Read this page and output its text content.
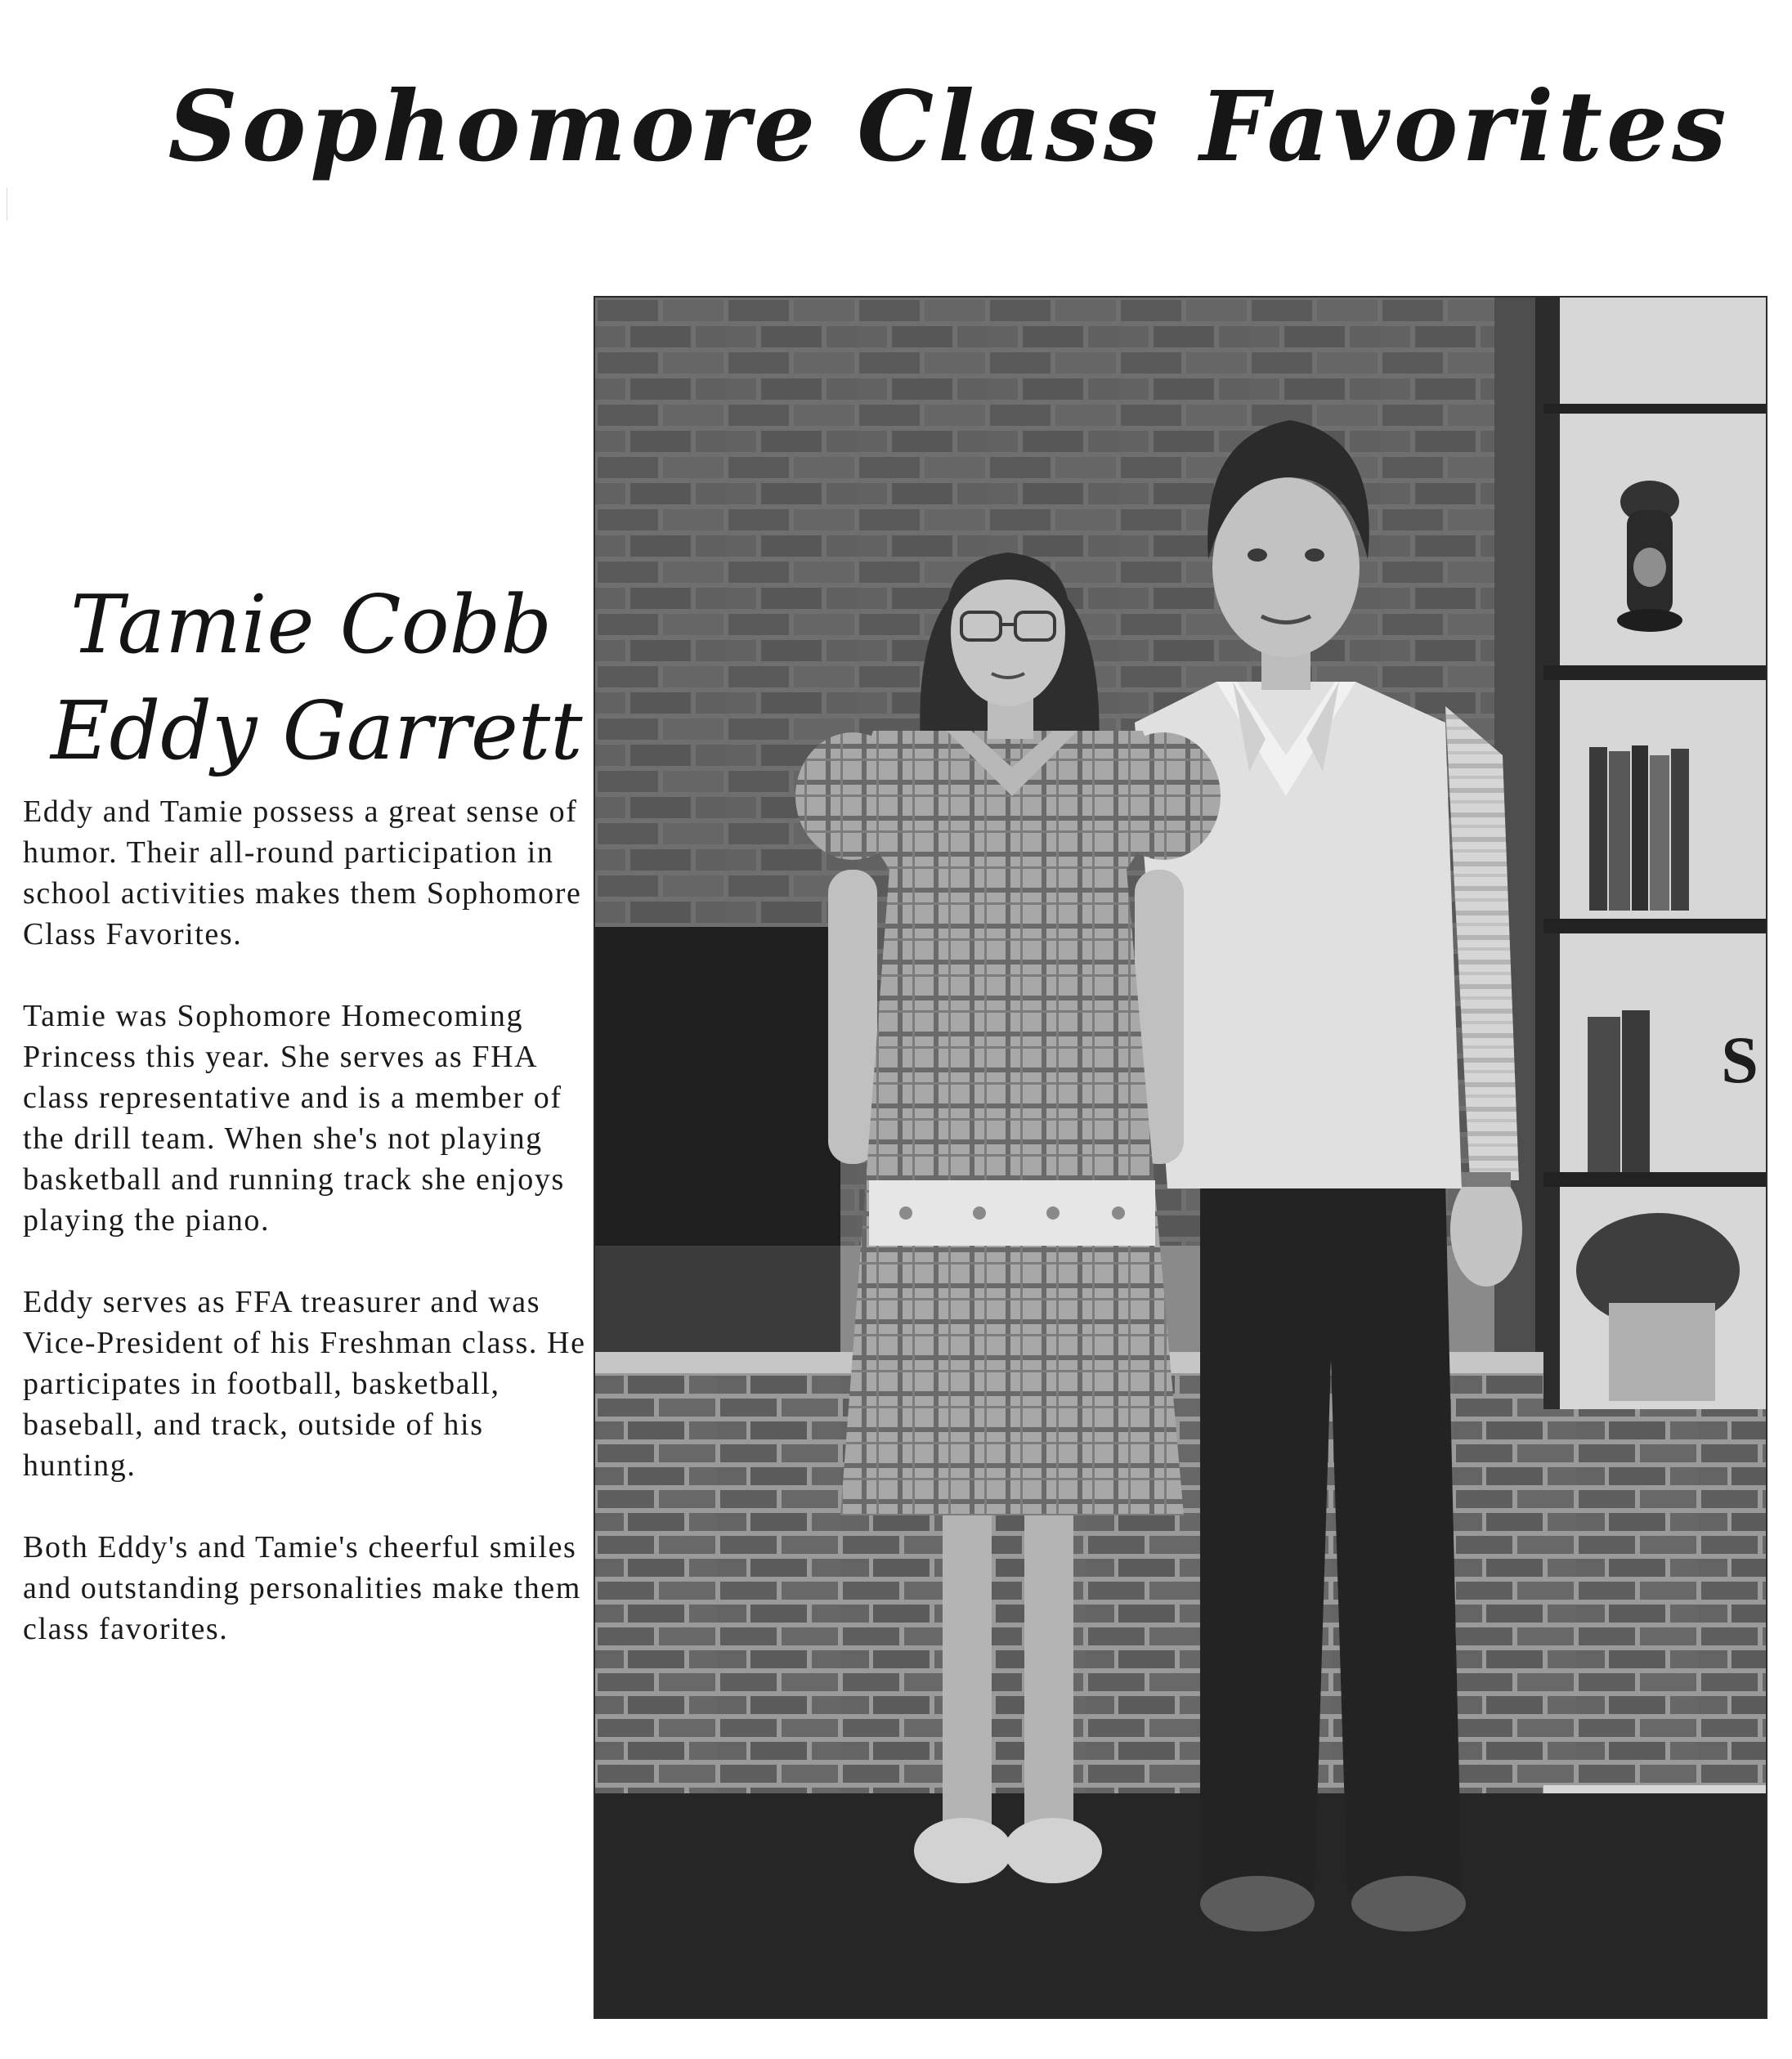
Sophomore Class Favorites
Tamie Cobb
Eddy Garrett

Eddy and Tamie possess a great sense of humor. Their all-round participation in school activities makes them Sophomore Class Favorites.

Tamie was Sophomore Homecoming Princess this year. She serves as FHA class representative and is a member of the drill team. When she's not playing basketball and running track she enjoys playing the piano.

Eddy serves as FFA treasurer and was Vice-President of his Freshman class. He participates in football, basketball, baseball, and track, outside of his hunting.

Both Eddy's and Tamie's cheerful smiles and outstanding personalities make them class favorites.

S
